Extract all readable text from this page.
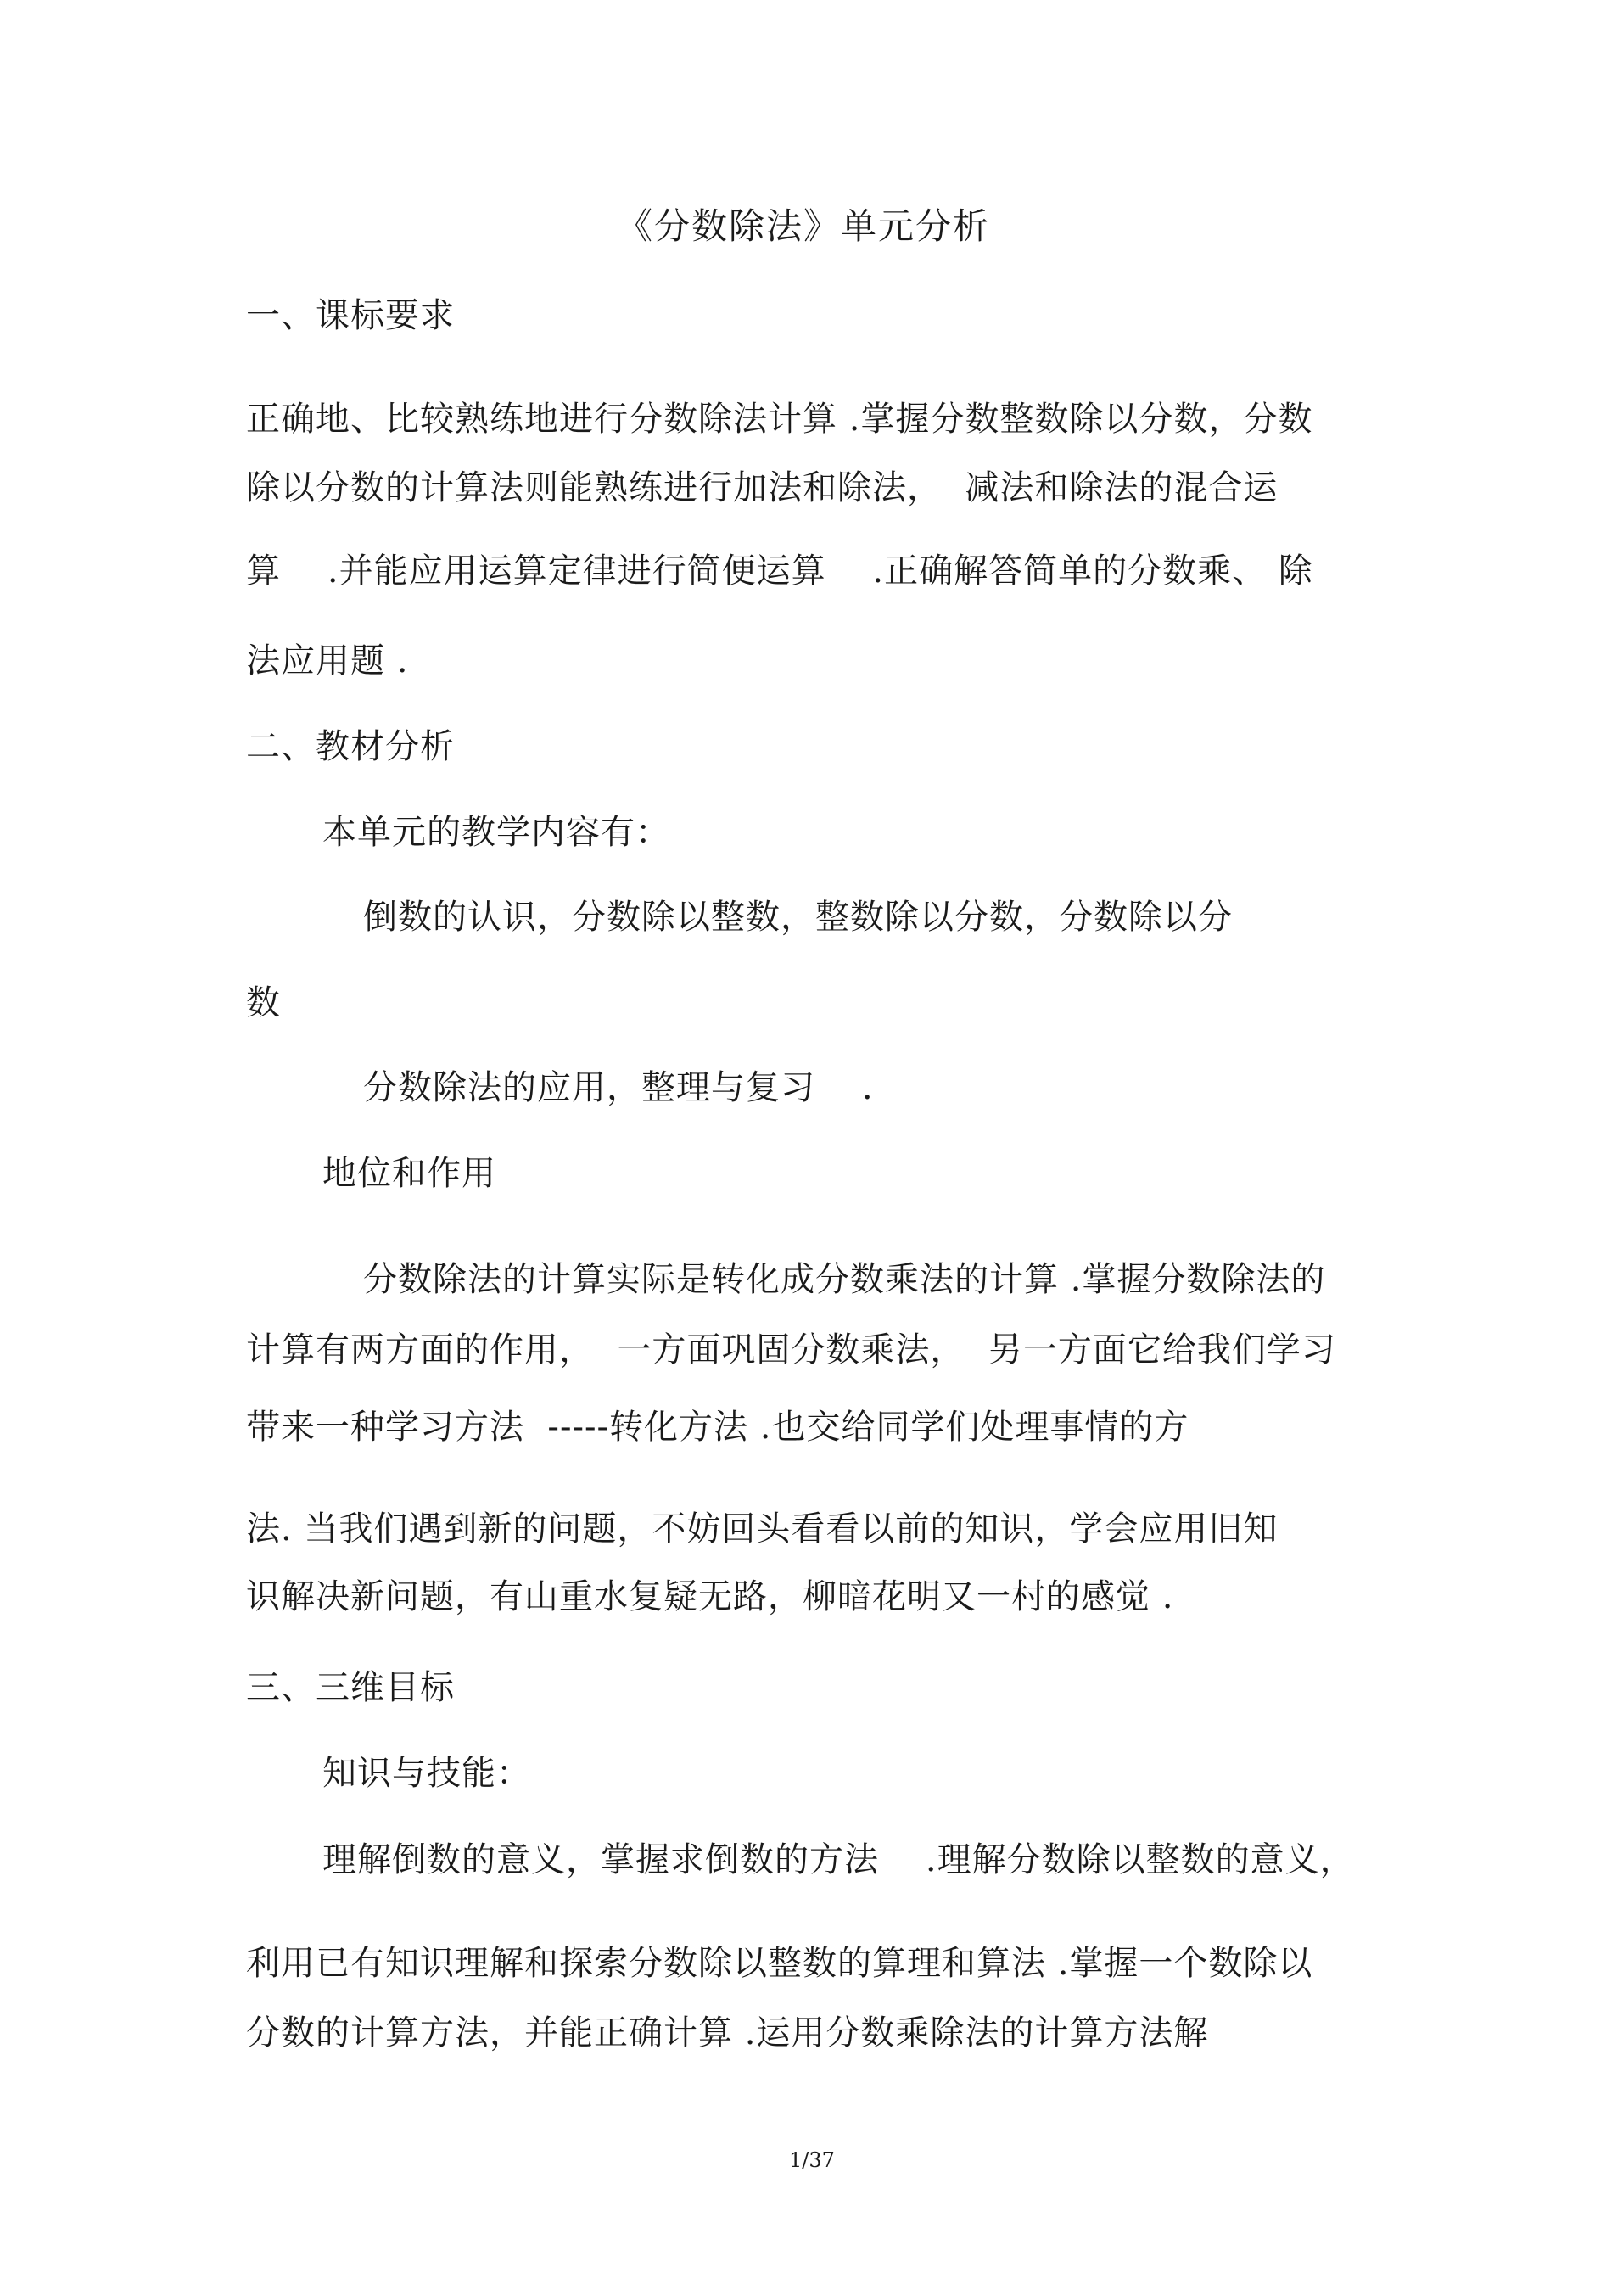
《分数除法》单元分析
一、课标要求
正确地、比较熟练地进行分数除法计算 .掌握分数整数除以分数，分数
除以分数的计算法则能熟练进行加法和除法，  减法和除法的混合运
算    .并能应用运算定律进行简便运算    .正确解答简单的分数乘、 除
法应用题 .
二、教材分析
本单元的教学内容有：
倒数的认识，分数除以整数，整数除以分数，分数除以分
数
分数除法的应用，整理与复习    .
地位和作用
分数除法的计算实际是转化成分数乘法的计算 .掌握分数除法的
计算有两方面的作用，  一方面巩固分数乘法，  另一方面它给我们学习
带来一种学习方法  -----转化方法 .也交给同学们处理事情的方
法. 当我们遇到新的问题，不妨回头看看以前的知识，学会应用旧知
识解决新问题，有山重水复疑无路，柳暗花明又一村的感觉 .
三、三维目标
知识与技能：
理解倒数的意义，掌握求倒数的方法    .理解分数除以整数的意义，
利用已有知识理解和探索分数除以整数的算理和算法 .掌握一个数除以
分数的计算方法，并能正确计算 .运用分数乘除法的计算方法解
1/37
